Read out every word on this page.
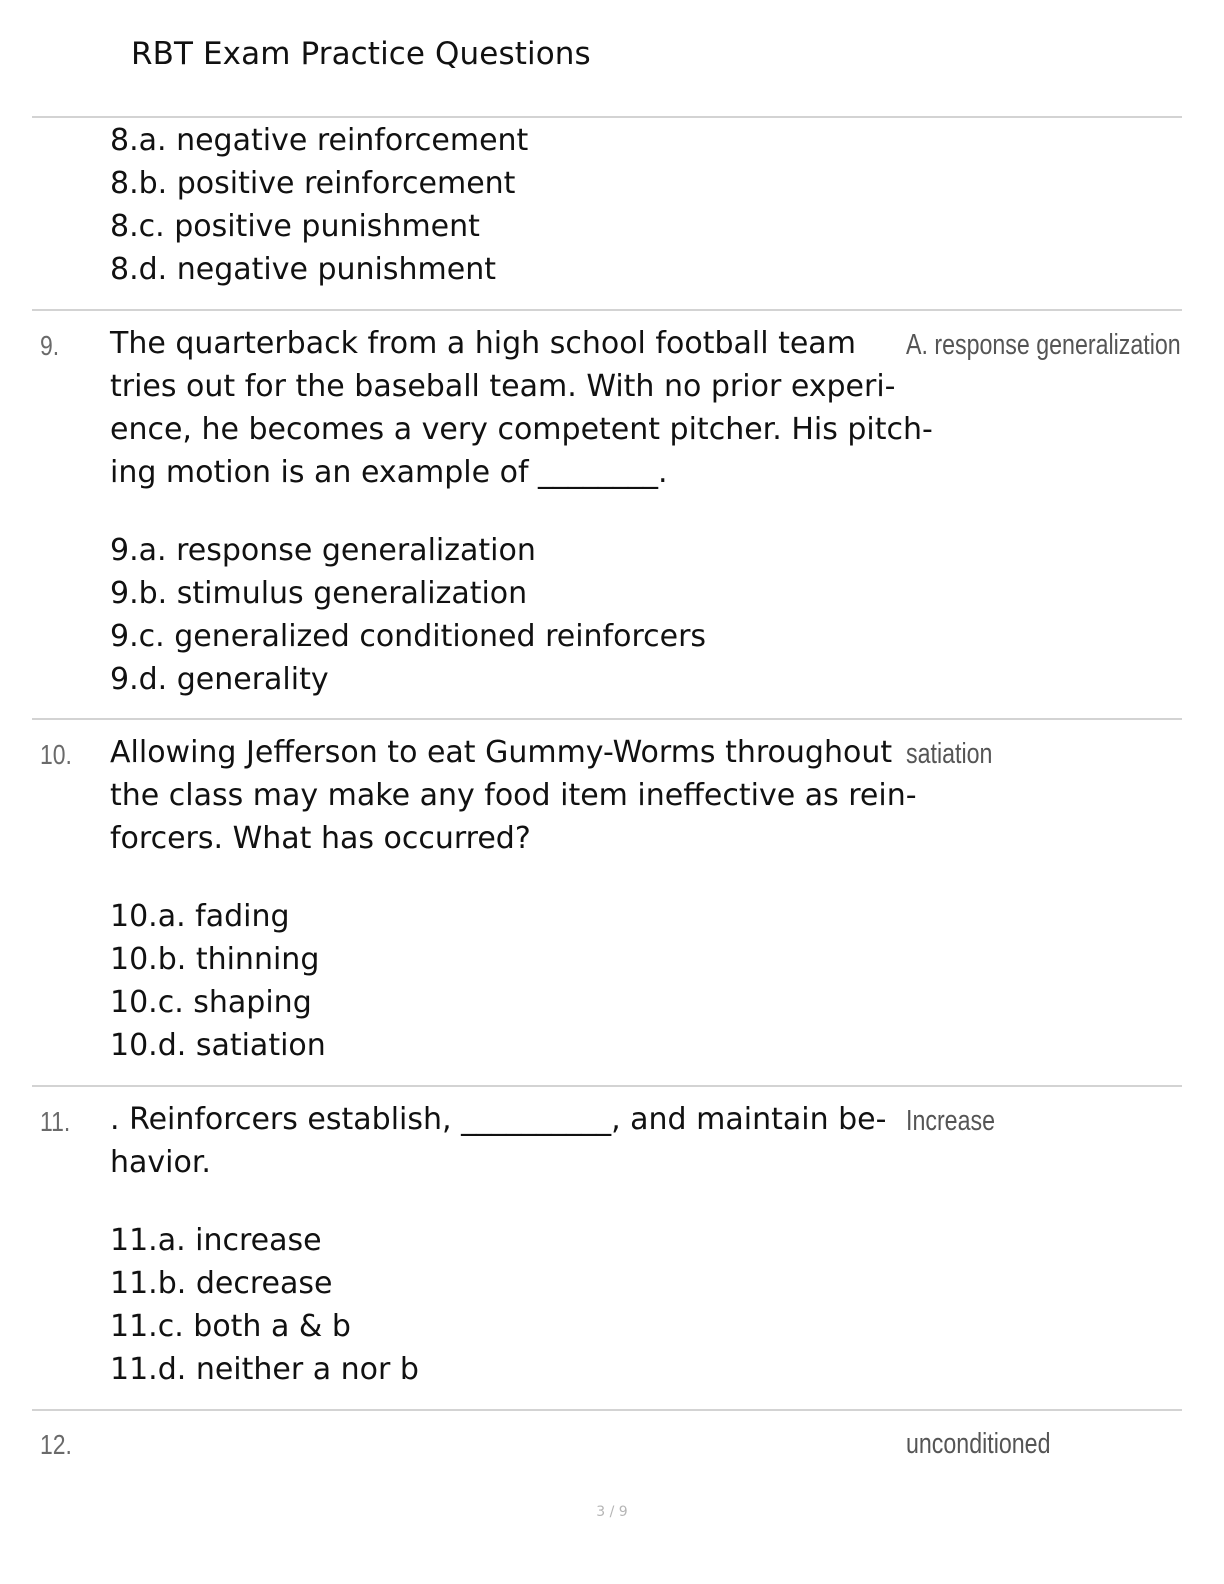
RBT Exam Practice Questions
8.a. negative reinforcement
8.b. positive reinforcement
8.c. positive punishment
8.d. negative punishment
9. The quarterback from a high school football team
tries out for the baseball team. With no prior experi-
ence, he becomes a very competent pitcher. His pitch-
ing motion is an example of ________.
A. response generalization
9.a. response generalization
9.b. stimulus generalization
9.c. generalized conditioned reinforcers
9.d. generality
10. Allowing Jefferson to eat Gummy-Worms throughout
the class may make any food item ineffective as rein-
forcers. What has occurred?
satiation
10.a. fading
10.b. thinning
10.c. shaping
10.d. satiation
11. . Reinforcers establish, __________, and maintain be-
havior.
Increase
11.a. increase
11.b. decrease
11.c. both a & b
11.d. neither a nor b
12.	unconditioned
3 / 9
